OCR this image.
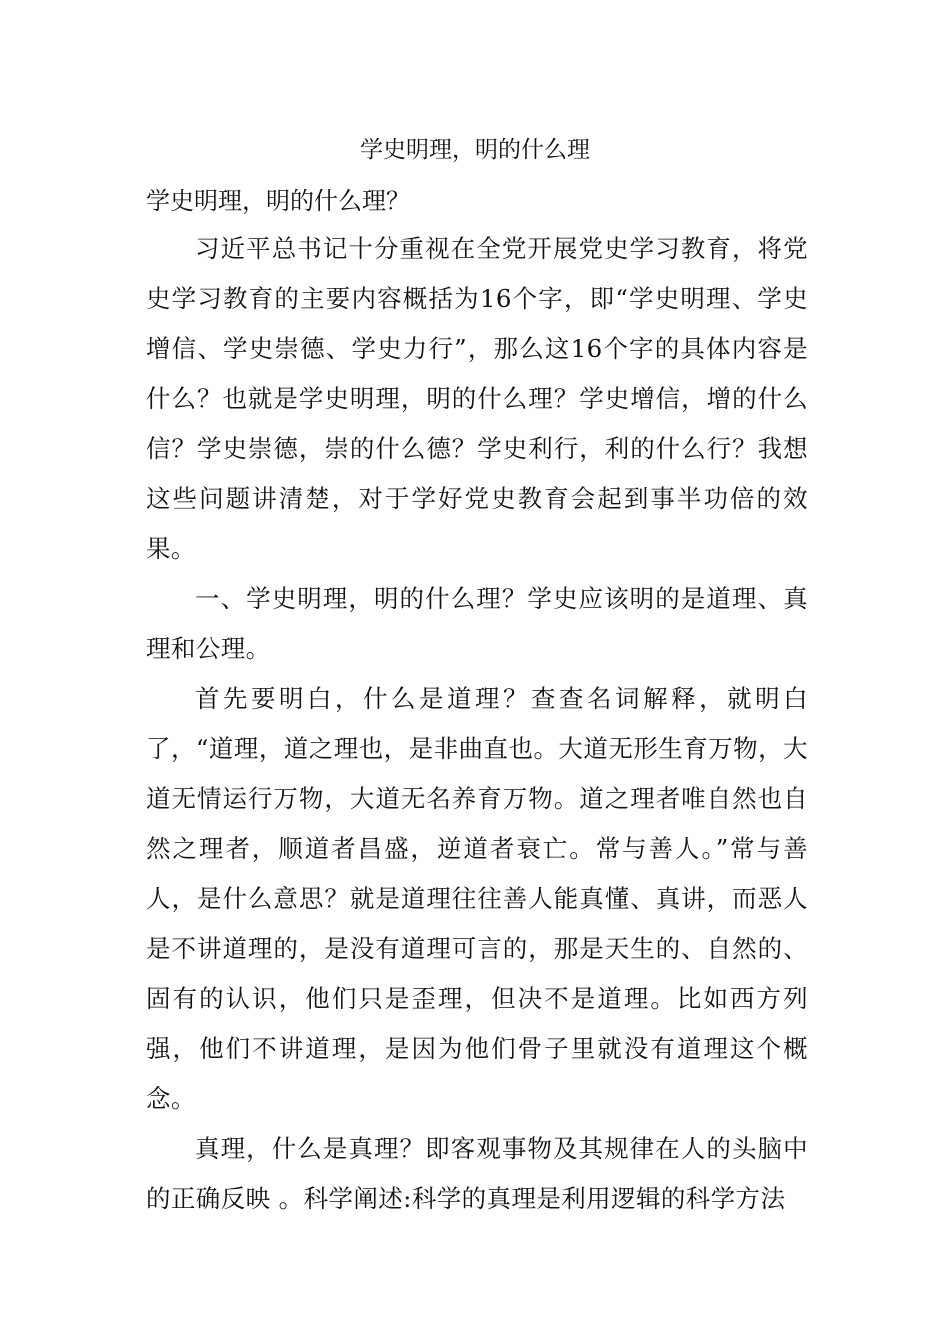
学史明理，明的什么理
学史明理，明的什么理？

习近平总书记十分重视在全党开展党史学习教育，将党史学习教育的主要内容概括为16个字，即“学史明理、学史增信、学史崇德、学史力行”，那么这16个字的具体内容是什么？也就是学史明理，明的什么理？学史增信，增的什么信？学史崇德，崇的什么德？学史利行，利的什么行？我想这些问题讲清楚，对于学好党史教育会起到事半功倍的效果。

一、学史明理，明的什么理？学史应该明的是道理、真理和公理。

首先要明白，什么是道理？查查名词解释，就明白了，“道理，道之理也，是非曲直也。大道无形生育万物，大道无情运行万物，大道无名养育万物。道之理者唯自然也自然之理者，顺道者昌盛，逆道者衰亡。常与善人。”常与善人，是什么意思？就是道理往往善人能真懂、真讲，而恶人是不讲道理的，是没有道理可言的，那是天生的、自然的、固有的认识，他们只是歪理，但决不是道理。比如西方列强，他们不讲道理，是因为他们骨子里就没有道理这个概念。

真理，什么是真理？即客观事物及其规律在人的头脑中的正确反映 。科学阐述:科学的真理是利用逻辑的科学方法
